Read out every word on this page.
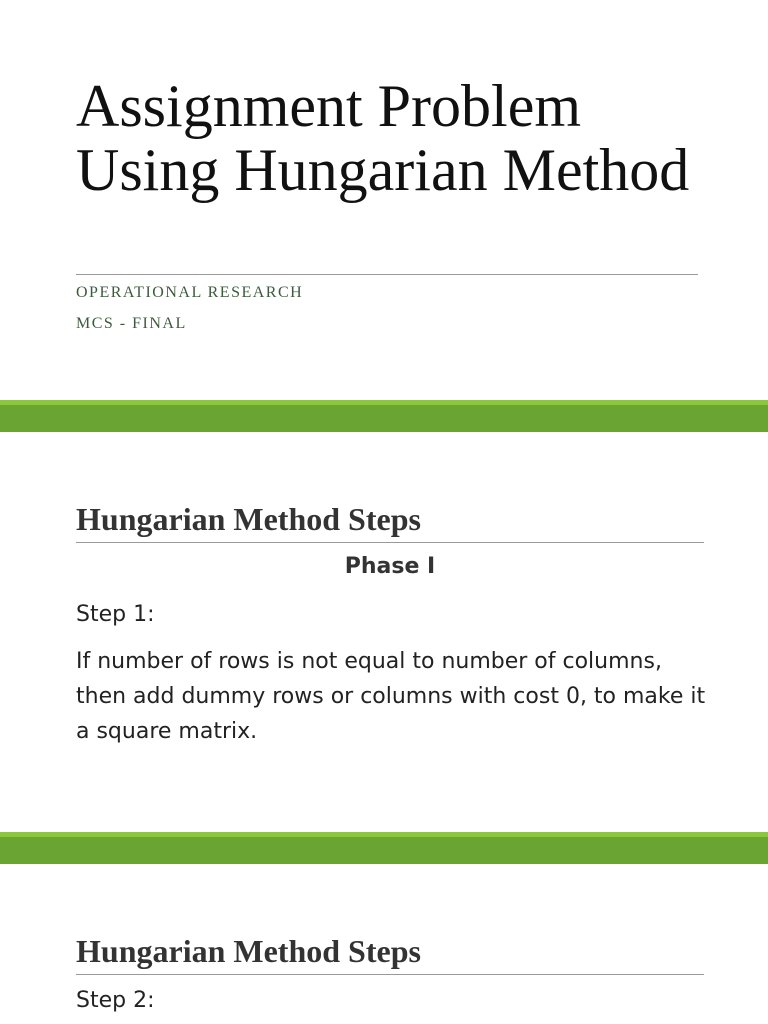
Assignment Problem Using Hungarian Method

OPERATIONAL RESEARCH

MCS - FINAL

Hungarian Method Steps
Phase I
Step 1:

If number of rows is not equal to number of columns, then add dummy rows or columns with cost 0, to make it a square matrix.

Hungarian Method Steps
Step 2:
